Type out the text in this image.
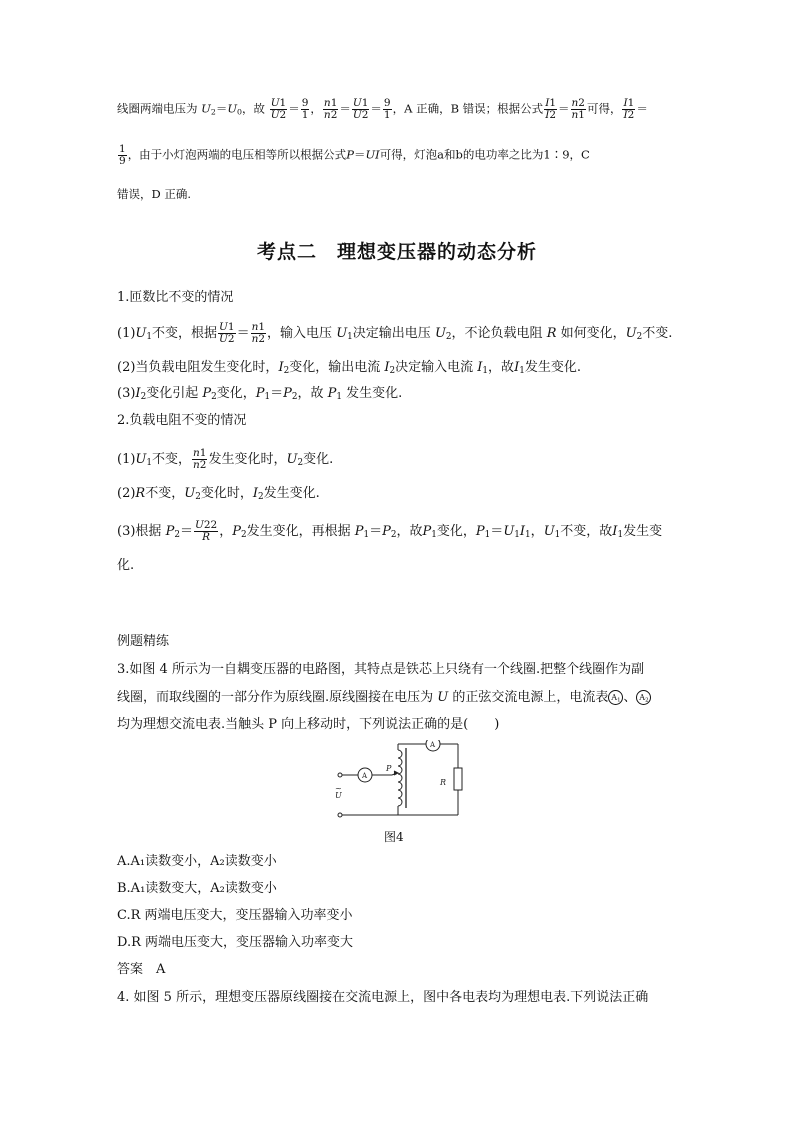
线圈两端电压为 $U_2=U_0$，故 $\frac{U1}{U2} = \frac{9}{1}$ ， $\frac{n1}{n2} = \frac{U1}{U2} = \frac{9}{1}$ ，A 正确，B 错误；根据公式 $\frac{I1}{I2} = \frac{n2}{n1}$ 可得， $\frac{I1}{I2}$ ＝
$\frac{1}{9}$ ，由于小灯泡两端的电压相等所以根据公式P＝UI可得，灯泡a和b的电功率之比为1∶9，C
错误，D 正确.
考点二　理想变压器的动态分析
1.匝数比不变的情况
$(1)U_1$不变，根据 $\frac{U1}{U2} = \frac{n1}{n2}$ ，输入电压 $U_1$决定输出电压 $U_2$，不论负载电阻 R 如何变化，$U_2$不变.
(2)当负载电阻发生变化时，$I_2$变化，输出电流 $I_2$决定输入电流 $I_1$，故$I_1$发生变化.
$(3)I_2$变化引起 $P_2$变化，$P_1=P_2$，故 $P_1$ 发生变化.
2.负载电阻不变的情况
$(1)U_1$不变， $\frac{n1}{n2}$ 发生变化时，$U_2$变化.
(2)R不变，$U_2$变化时，$I_2$发生变化.
(3)根据 $P_2= \frac{U22}{R}$ ，$P_2$发生变化，再根据 $P_1=P_2$，故$P_1$变化，$P_1=U_1I_1$，$U_1$不变，故$I_1$发生变
化.
例题精练
3.如图 4 所示为一自耦变压器的电路图，其特点是铁芯上只绕有一个线圈.把整个线圈作为副
线圈，而取线圈的一部分作为原线圈.原线圈接在电压为 U 的正弦交流电源上，电流表 $A_1$ 、 $A_2$
均为理想交流电表.当触头 P 向上移动时，下列说法正确的是(　　)
A
A
P
R
U
~
图4
A.A₁读数变小，A₂读数变小
B.A₁读数变大，A₂读数变小
C.R 两端电压变大，变压器输入功率变小
D.R 两端电压变大，变压器输入功率变大
答案　A
4. 如图 5 所示，理想变压器原线圈接在交流电源上，图中各电表均为理想电表.下列说法正确
